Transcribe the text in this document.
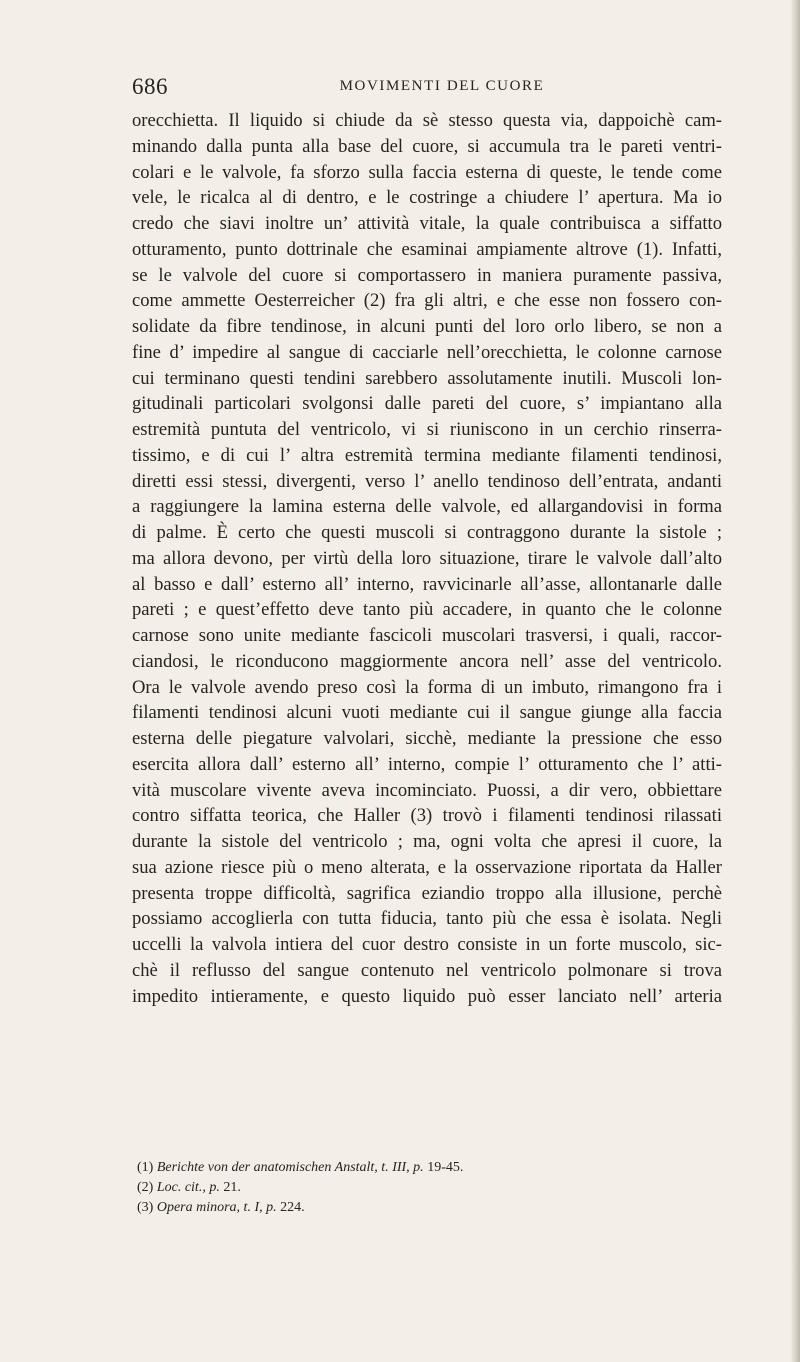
686	MOVIMENTI DEL CUORE
orecchietta. Il liquido si chiude da sè stesso questa via, dappoichè cam-
minando dalla punta alla base del cuore, si accumula tra le pareti ventri-
colari e le valvole, fa sforzo sulla faccia esterna di queste, le tende come
vele, le ricalca al di dentro, e le costringe a chiudere l’ apertura. Ma io
credo che siavi inoltre un’ attività vitale, la quale contribuisca a siffatto
otturamento, punto dottrinale che esaminai ampiamente altrove (1). Infatti,
se le valvole del cuore si comportassero in maniera puramente passiva,
come ammette Oesterreicher (2) fra gli altri, e che esse non fossero con-
solidate da fibre tendinose, in alcuni punti del loro orlo libero, se non a
fine d’ impedire al sangue di cacciarle nell’orecchietta, le colonne carnose
cui terminano questi tendini sarebbero assolutamente inutili. Muscoli lon-
gitudinali particolari svolgonsi dalle pareti del cuore, s’ impiantano alla
estremità puntuta del ventricolo, vi si riuniscono in un cerchio rinserra-
tissimo, e di cui l’ altra estremità termina mediante filamenti tendinosi,
diretti essi stessi, divergenti, verso l’ anello tendinoso dell’entrata, andanti
a raggiungere la lamina esterna delle valvole, ed allargandovisi in forma
di palme. È certo che questi muscoli si contraggono durante la sistole ;
ma allora devono, per virtù della loro situazione, tirare le valvole dall’alto
al basso e dall’ esterno all’ interno, ravvicinarle all’asse, allontanarle dalle
pareti ; e quest’effetto deve tanto più accadere, in quanto che le colonne
carnose sono unite mediante fascicoli muscolari trasversi, i quali, raccor-
ciandosi, le riconducono maggiormente ancora nell’ asse del ventricolo.
Ora le valvole avendo preso così la forma di un imbuto, rimangono fra i
filamenti tendinosi alcuni vuoti mediante cui il sangue giunge alla faccia
esterna delle piegature valvolari, sicchè, mediante la pressione che esso
esercita allora dall’ esterno all’ interno, compie l’ otturamento che l’ atti-
vità muscolare vivente aveva incominciato. Puossi, a dir vero, obbiettare
contro siffatta teorica, che Haller (3) trovò i filamenti tendinosi rilassati
durante la sistole del ventricolo ; ma, ogni volta che apresi il cuore, la
sua azione riesce più o meno alterata, e la osservazione riportata da Haller
presenta troppe difficoltà, sagrifica eziandio troppo alla illusione, perchè
possiamo accoglierla con tutta fiducia, tanto più che essa è isolata. Negli
uccelli la valvola intiera del cuor destro consiste in un forte muscolo, sic-
chè il reflusso del sangue contenuto nel ventricolo polmonare si trova
impedito intieramente, e questo liquido può esser lanciato nell’ arteria
(1) Berichte von der anatomischen Anstalt, t. III, p. 19-45.
(2) Loc. cit., p. 21.
(3) Opera minora, t. I, p. 224.
